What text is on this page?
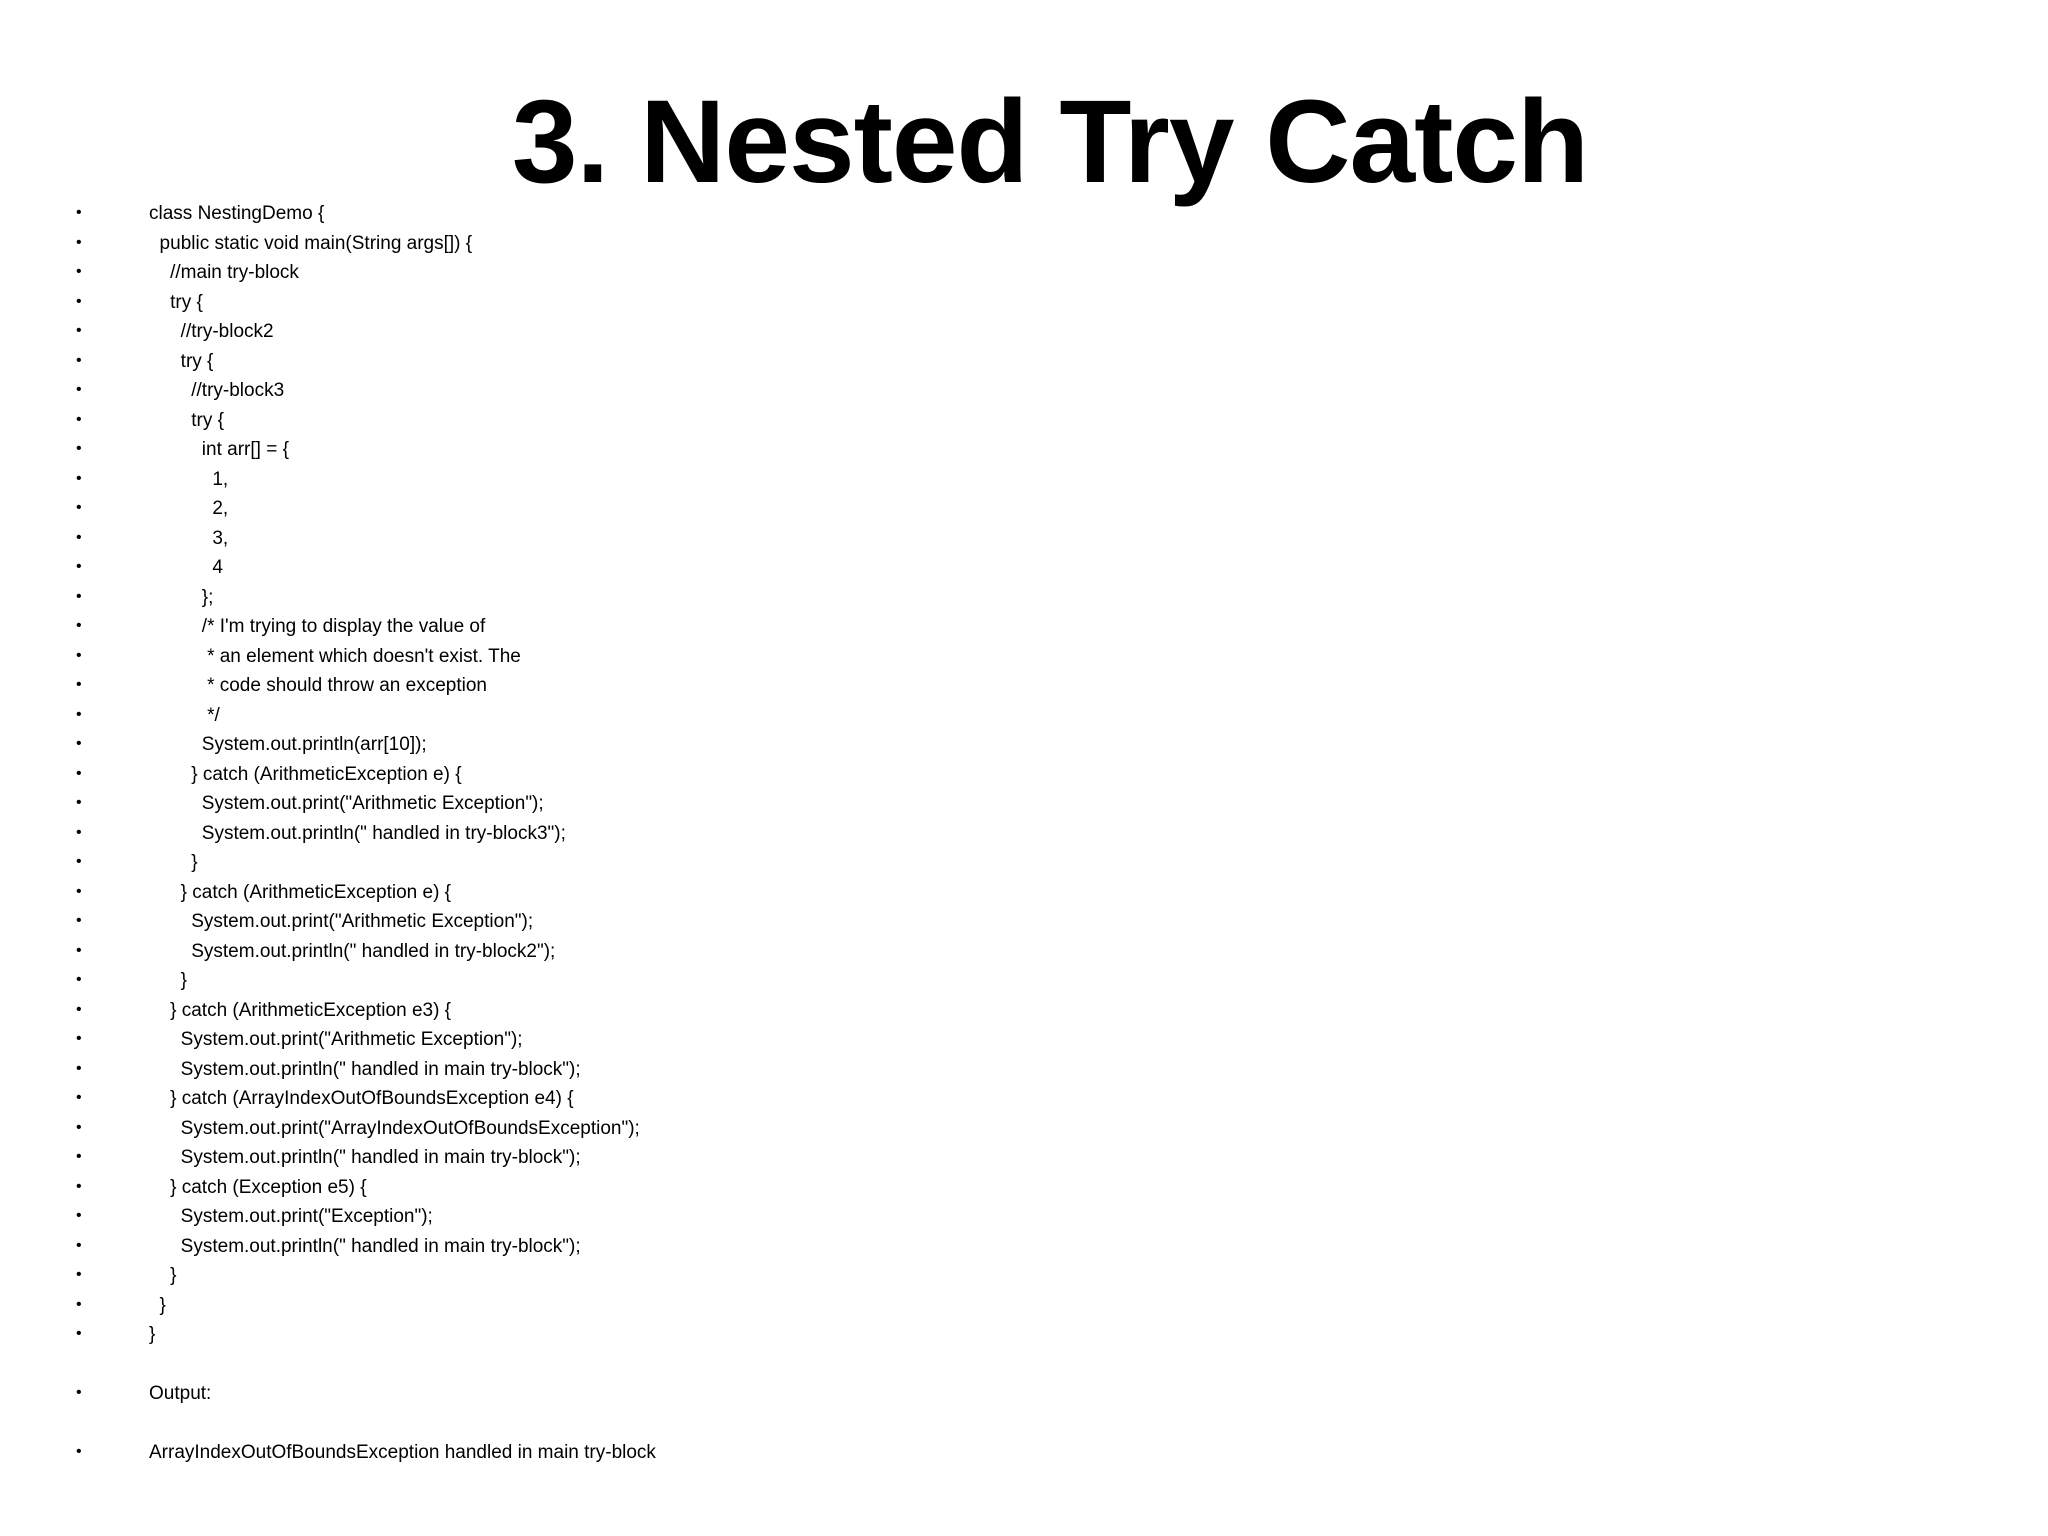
3. Nested Try Catch
•	class NestingDemo {
•	public static void main(String args[]) {
•	//main try-block
•	try {
•	//try-block2
•	try {
•	//try-block3
•	try {
•	int arr[] = {
•	1,
•	2,
•	3,
•	4
•	};
•	/* I'm trying to display the value of
•	* an element which doesn't exist. The
•	* code should throw an exception
•	*/
•	System.out.println(arr[10]);
•	} catch (ArithmeticException e) {
•	System.out.print("Arithmetic Exception");
•	System.out.println(" handled in try-block3");
•	}
•	} catch (ArithmeticException e) {
•	System.out.print("Arithmetic Exception");
•	System.out.println(" handled in try-block2");
•	}
•	} catch (ArithmeticException e3) {
•	System.out.print("Arithmetic Exception");
•	System.out.println(" handled in main try-block");
•	} catch (ArrayIndexOutOfBoundsException e4) {
•	System.out.print("ArrayIndexOutOfBoundsException");
•	System.out.println(" handled in main try-block");
•	} catch (Exception e5) {
•	System.out.print("Exception");
•	System.out.println(" handled in main try-block");
•	}
•	}
•	}
•	Output:
•	ArrayIndexOutOfBoundsException handled in main try-block
